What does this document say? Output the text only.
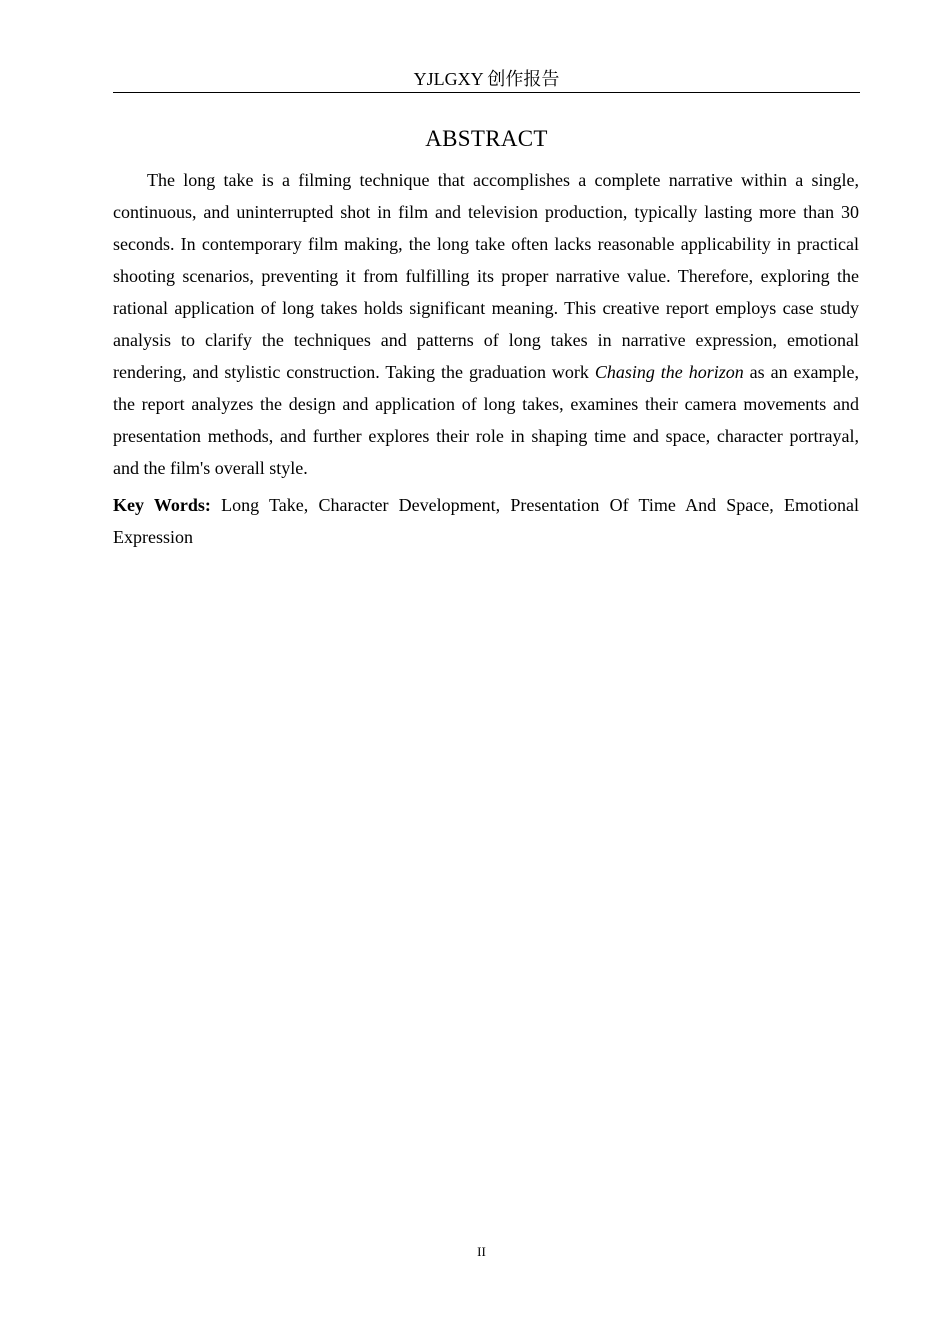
YJLGXY 创作报告
ABSTRACT

The long take is a filming technique that accomplishes a complete narrative within a single, continuous, and uninterrupted shot in film and television production, typically lasting more than 30 seconds. In contemporary film making, the long take often lacks reasonable applicability in practical shooting scenarios, preventing it from fulfilling its proper narrative value. Therefore, exploring the rational application of long takes holds significant meaning. This creative report employs case study analysis to clarify the techniques and patterns of long takes in narrative expression, emotional rendering, and stylistic construction. Taking the graduation work Chasing the horizon as an example, the report analyzes the design and application of long takes, examines their camera movements and presentation methods, and further explores their role in shaping time and space, character portrayal, and the film's overall style.

Key Words: Long Take, Character Development, Presentation Of Time And Space, Emotional Expression

II
